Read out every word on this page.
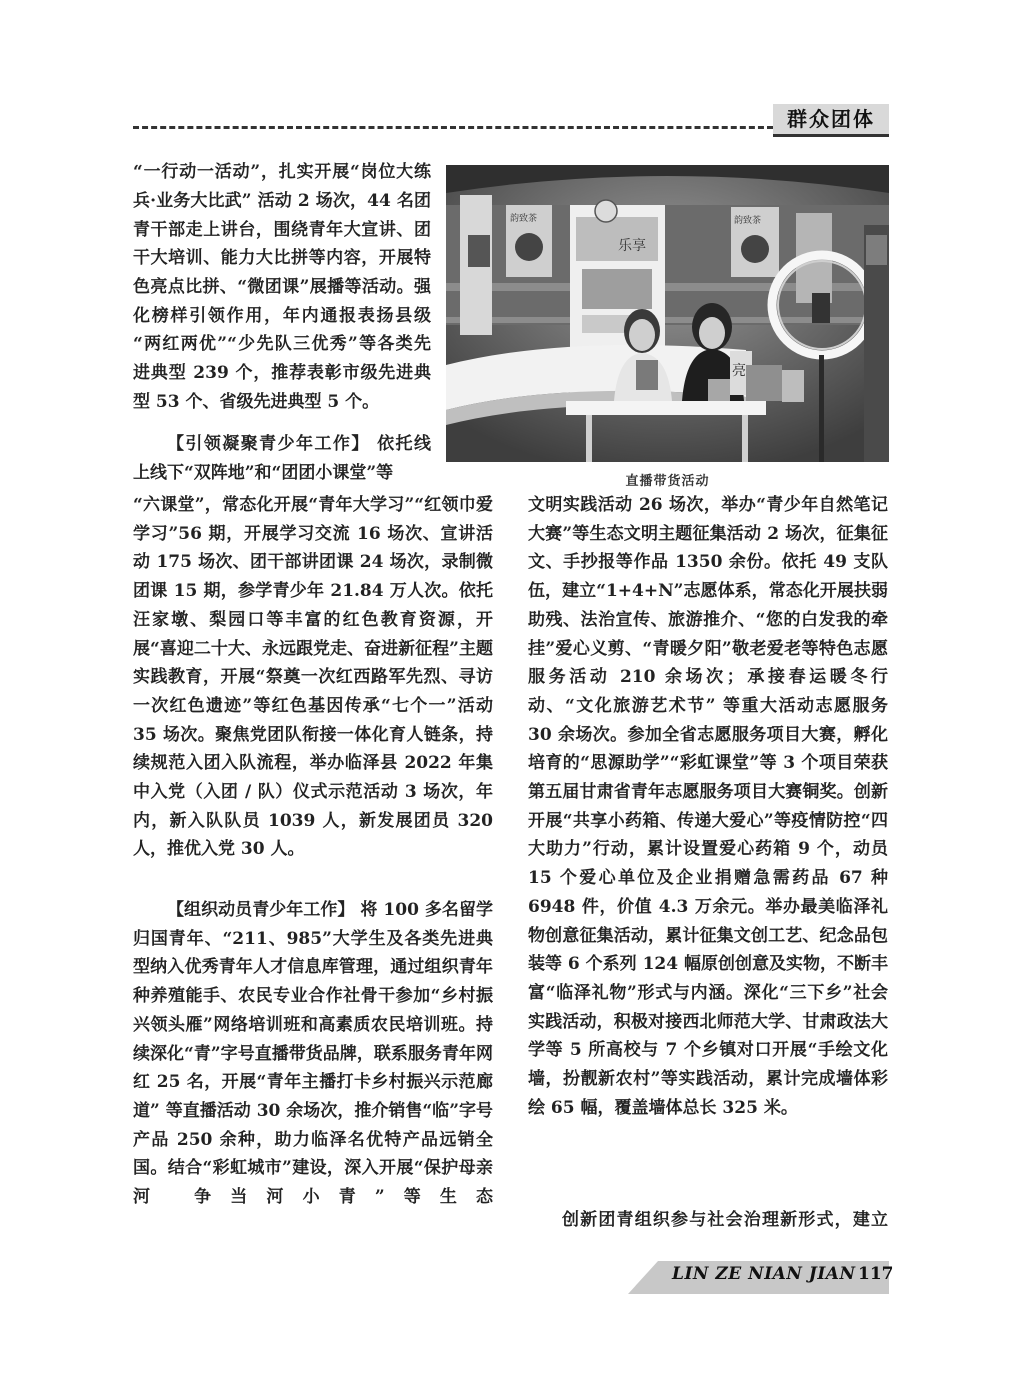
群众团体
“一行动一活动”，扎实开展“岗位大练
兵·业务大比武” 活动 2 场次，44 名团
青干部走上讲台，围绕青年大宣讲、团
干大培训、能力大比拼等内容，开展特
色亮点比拼、“微团课”展播等活动。强
化榜样引领作用，年内通报表扬县级
“两红两优”“少先队三优秀”等各类先
进典型 239 个，推荐表彰市级先进典
型 53 个、省级先进典型 5 个。
【引领凝聚青少年工作】 依托线
上线下“双阵地”和“团团小课堂”等

“六课堂”，常态化开展“青年大学习”“红领巾爱学习”56 期，开展学习交流 16 场次、宣讲活动 175 场次、团干部讲团课 24 场次，录制微团课 15 期，参学青少年 21.84 万人次。依托汪家墩、梨园口等丰富的红色教育资源，开展“喜迎二十大、永远跟党走、奋进新征程”主题实践教育，开展“祭奠一次红西路军先烈、寻访一次红色遗迹”等红色基因传承“七个一”活动 35 场次。聚焦党团队衔接一体化育人链条，持续规范入团入队流程，举办临泽县 2022 年集中入党（入团 / 队）仪式示范活动 3 场次，年内，新入队队员 1039 人，新发展团员 320 人，推优入党 30 人。

【组织动员青少年工作】 将 100 多名留学归国青年、“211、985”大学生及各类先进典型纳入优秀青年人才信息库管理，通过组织青年种养殖能手、农民专业合作社骨干参加“乡村振兴领头雁”网络培训班和高素质农民培训班。持续深化“青”字号直播带货品牌，联系服务青年网红 25 名，开展“青年主播打卡乡村振兴示范廊道” 等直播活动 30 余场次，推介销售“临”字号产品 250 余种，助力临泽名优特产品远销全国。结合“彩虹城市”建设，深入开展“保护母亲河 争当河小青”等生态

乐享
韵致茶	韵致茶
亮
直播带货活动

文明实践活动 26 场次，举办“青少年自然笔记大赛”等生态文明主题征集活动 2 场次，征集征文、手抄报等作品 1350 余份。依托 49 支队伍，建立“1+4+N”志愿体系，常态化开展扶弱助残、法治宣传、旅游推介、“您的白发我的牵挂”爱心义剪、“青暖夕阳”敬老爱老等特色志愿服务活动 210 余场次；承接春运暖冬行动、“文化旅游艺术节” 等重大活动志愿服务 30 余场次。参加全省志愿服务项目大赛，孵化培育的“思源助学”“彩虹课堂”等 3 个项目荣获第五届甘肃省青年志愿服务项目大赛铜奖。创新开展“共享小药箱、传递大爱心”等疫情防控“四大助力”行动，累计设置爱心药箱 9 个，动员 15 个爱心单位及企业捐赠急需药品 67 种 6948 件，价值 4.3 万余元。举办最美临泽礼物创意征集活动，累计征集文创工艺、纪念品包装等 6 个系列 124 幅原创创意及实物，不断丰富“临泽礼物”形式与内涵。深化“三下乡”社会实践活动，积极对接西北师范大学、甘肃政法大学等 5 所高校与 7 个乡镇对口开展“手绘文化墙，扮靓新农村”等实践活动，累计完成墙体彩绘 65 幅，覆盖墙体总长 325 米。

创新团青组织参与社会治理新形式，建立

LIN ZE NIAN JIAN 117
